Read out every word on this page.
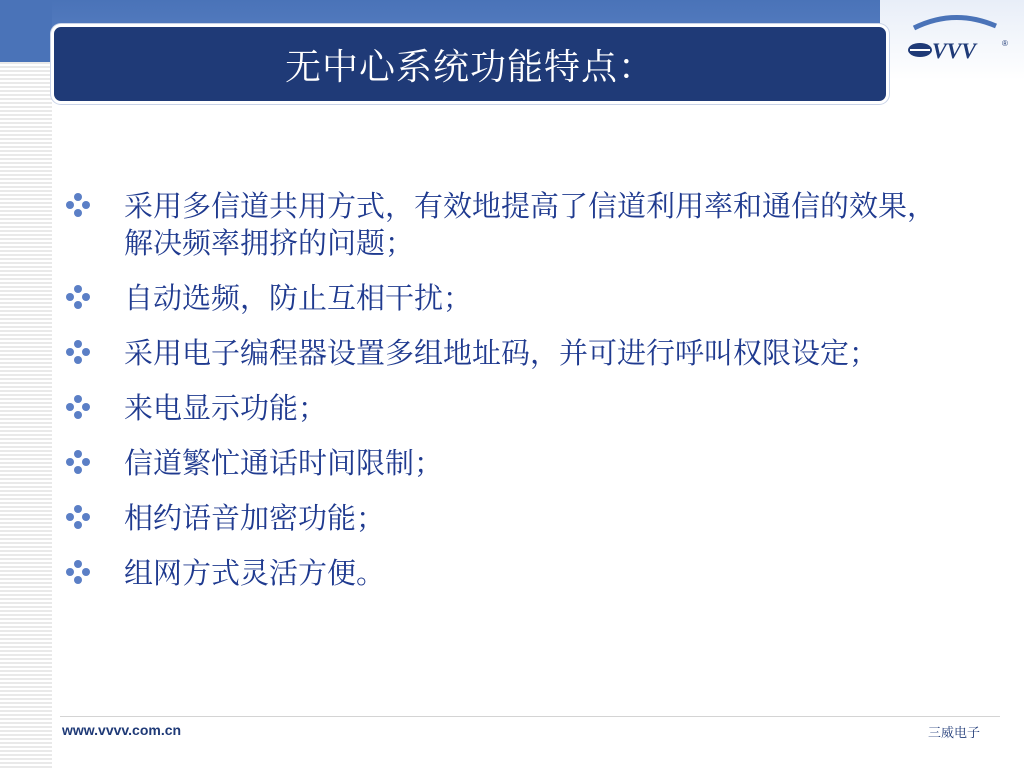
无中心系统功能特点：	VVV	®
采用多信道共用方式，有效地提高了信道利用率和通信的效果，解决频率拥挤的问题；
自动选频，防止互相干扰；
采用电子编程器设置多组地址码，并可进行呼叫权限设定；
来电显示功能；
信道繁忙通话时间限制；
相约语音加密功能；
组网方式灵活方便。
www.vvvv.com.cn	三威电子
